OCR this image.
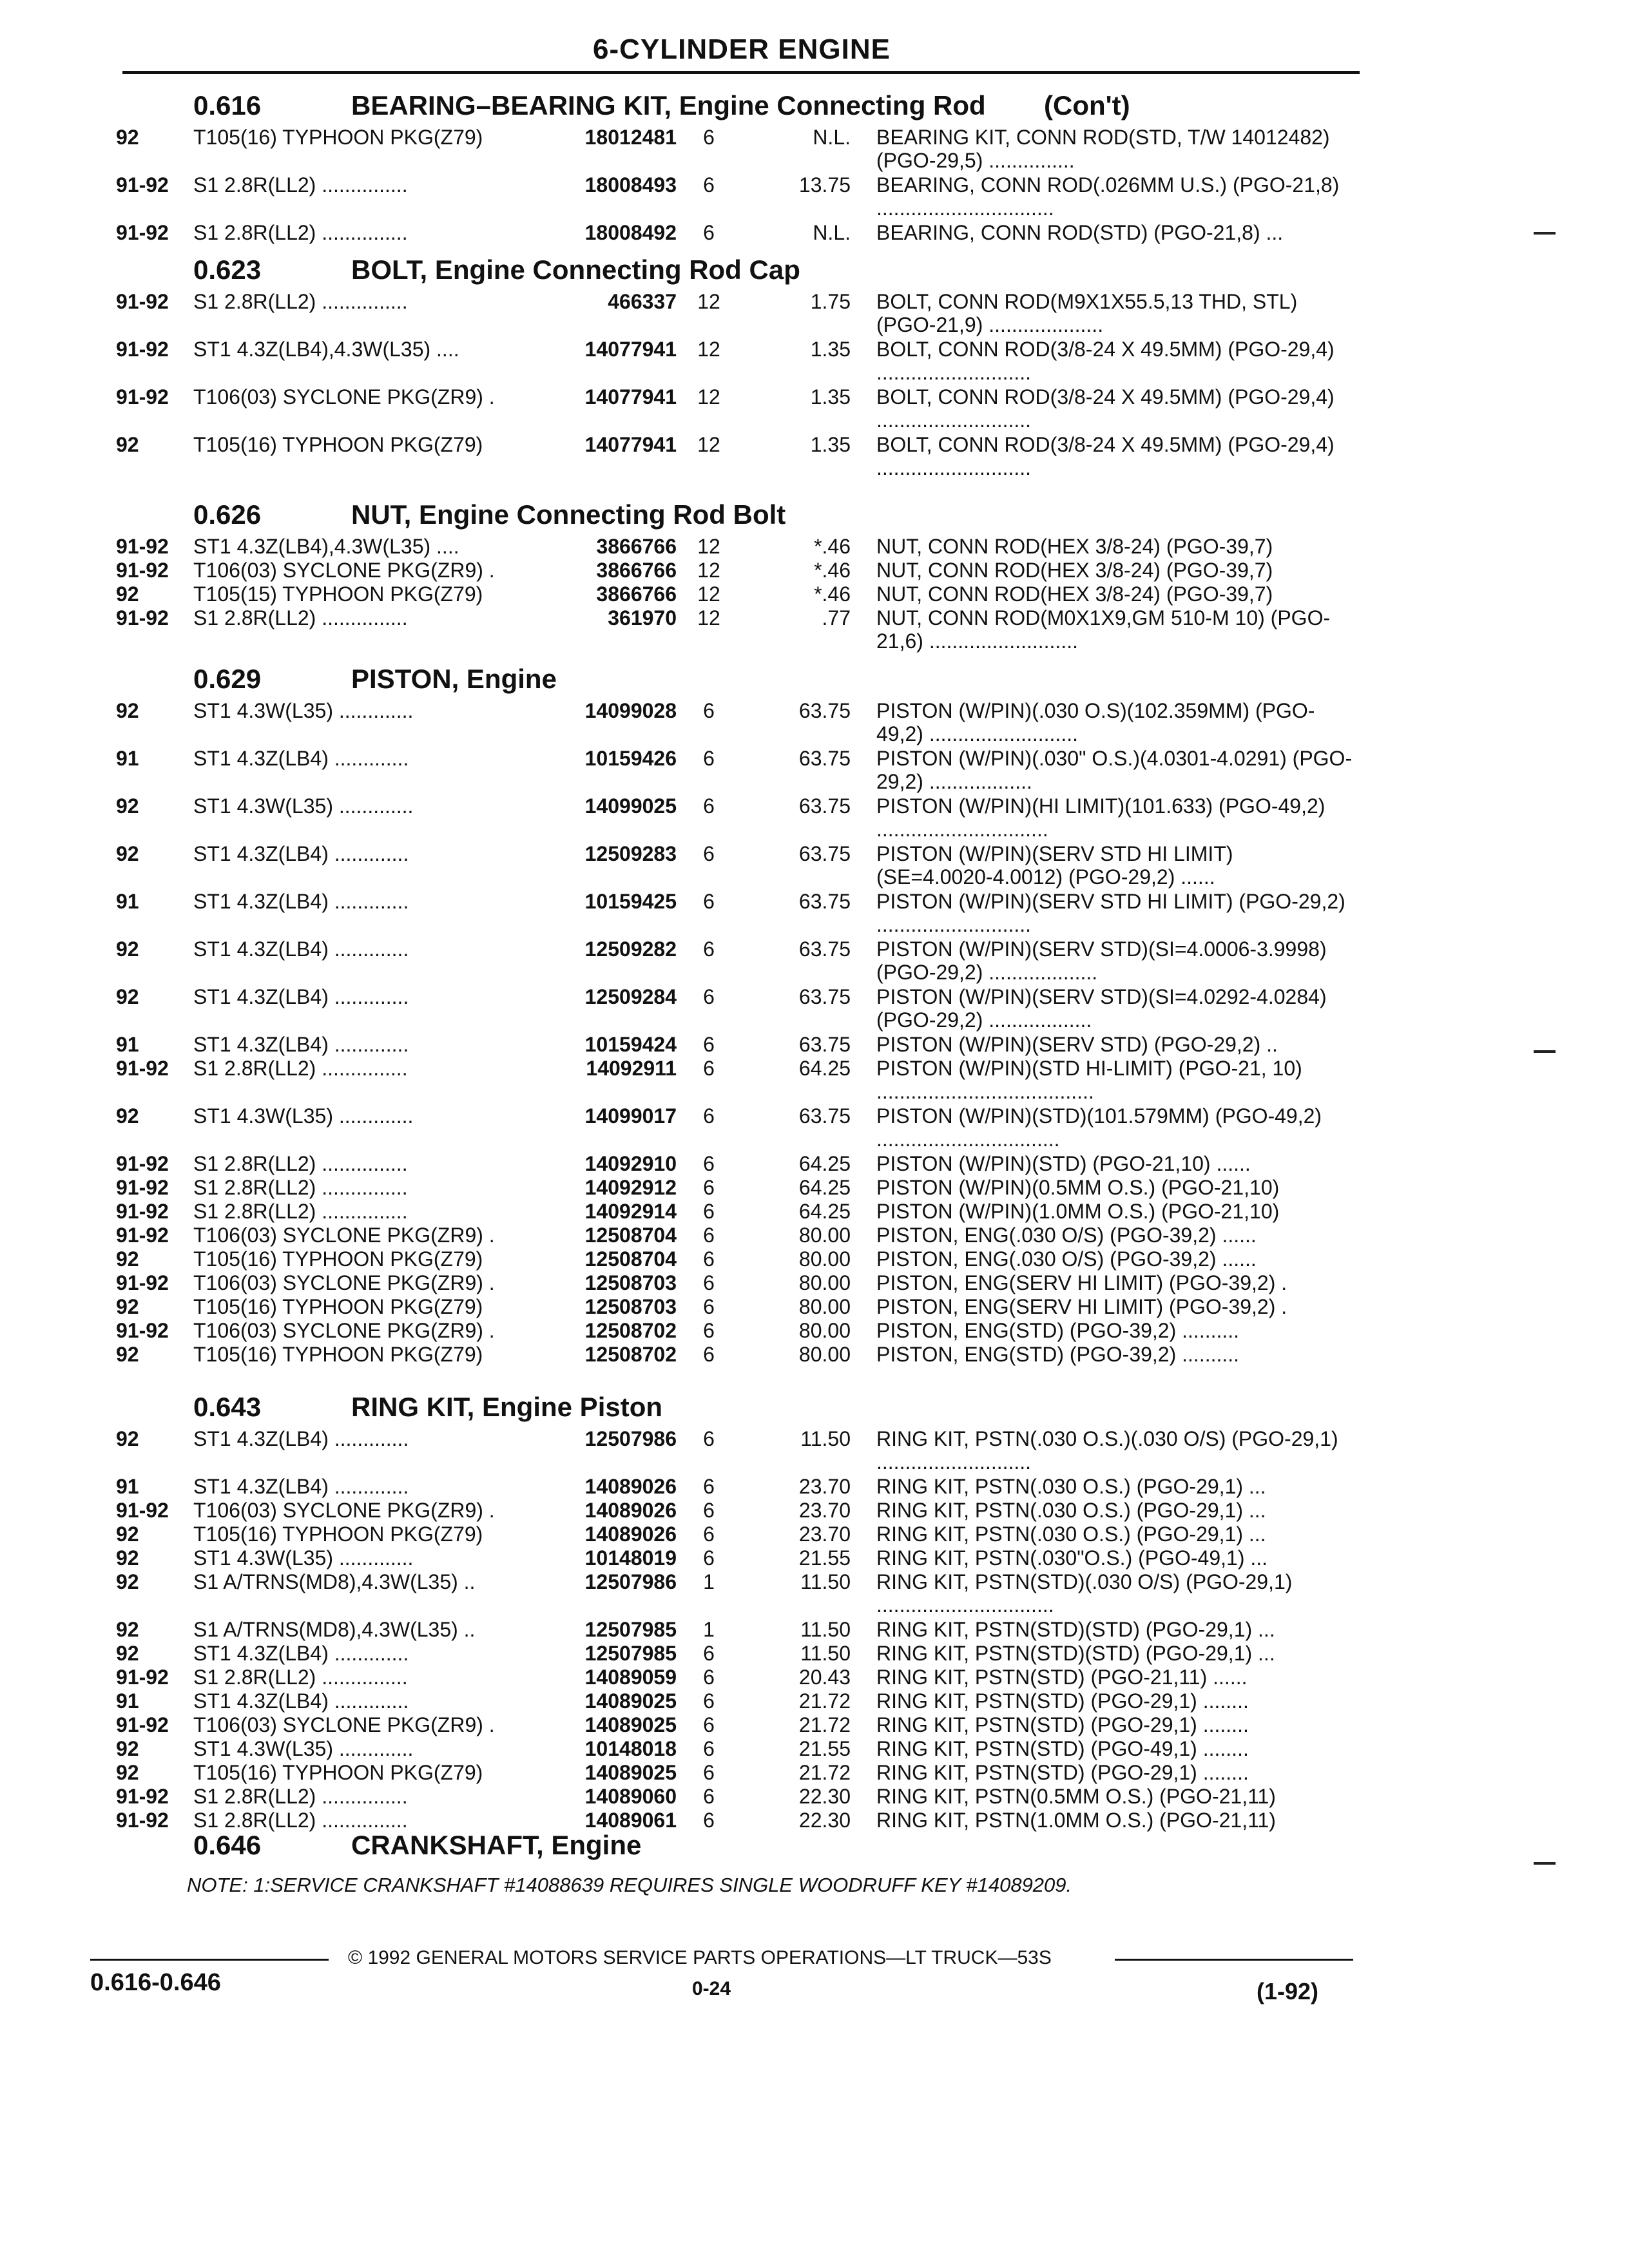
6-CYLINDER ENGINE
0.616	BEARING–BEARING KIT, Engine Connecting Rod (Con't)
92	T105(16) TYPHOON PKG(Z79)	18012481	6	N.L. BEARING KIT, CONN ROD(STD, T/W 14012482) (PGO-29,5) ...............
91-92 S1 2.8R(LL2) ...............	18008493	6	13.75 BEARING, CONN ROD(.026MM U.S.) (PGO-21,8) ...............................
91-92 S1 2.8R(LL2) ...............	18008492	6	N.L. BEARING, CONN ROD(STD) (PGO-21,8) ...
0.623	BOLT, Engine Connecting Rod Cap
91-92 S1 2.8R(LL2) ...............	466337 12	1.75 BOLT, CONN ROD(M9X1X55.5,13 THD, STL) (PGO-21,9) ....................
91-92 ST1 4.3Z(LB4),4.3W(L35) ....	14077941 12	1.35 BOLT, CONN ROD(3/8-24 X 49.5MM) (PGO-29,4) ...........................
91-92 T106(03) SYCLONE PKG(ZR9) .	14077941 12	1.35 BOLT, CONN ROD(3/8-24 X 49.5MM) (PGO-29,4) ...........................
92	T105(16) TYPHOON PKG(Z79)	14077941 12	1.35 BOLT, CONN ROD(3/8-24 X 49.5MM) (PGO-29,4) ...........................
0.626	NUT, Engine Connecting Rod Bolt
91-92 ST1 4.3Z(LB4),4.3W(L35) ....	3866766 12	*.46 NUT, CONN ROD(HEX 3/8-24) (PGO-39,7)
91-92 T106(03) SYCLONE PKG(ZR9) .	3866766 12	*.46 NUT, CONN ROD(HEX 3/8-24) (PGO-39,7)
92	T105(15) TYPHOON PKG(Z79)	3866766 12	*.46 NUT, CONN ROD(HEX 3/8-24) (PGO-39,7)
91-92 S1 2.8R(LL2) ...............	361970 12	.77 NUT, CONN ROD(M0X1X9,GM 510-M 10) (PGO-21,6) ..........................
0.629	PISTON, Engine
92	ST1 4.3W(L35) .............	14099028	6	63.75 PISTON (W/PIN)(.030 O.S)(102.359MM) (PGO-49,2) ..........................
91	ST1 4.3Z(LB4) .............	10159426	6	63.75 PISTON (W/PIN)(.030" O.S.)(4.0301-4.0291) (PGO-29,2) ..................
92	ST1 4.3W(L35) .............	14099025	6	63.75 PISTON (W/PIN)(HI LIMIT)(101.633) (PGO-49,2) ..............................
92	ST1 4.3Z(LB4) .............	12509283	6	63.75 PISTON (W/PIN)(SERV STD HI LIMIT) (SE=4.0020-4.0012) (PGO-29,2) ......
91	ST1 4.3Z(LB4) .............	10159425	6	63.75 PISTON (W/PIN)(SERV STD HI LIMIT) (PGO-29,2) ...........................
92	ST1 4.3Z(LB4) .............	12509282	6	63.75 PISTON (W/PIN)(SERV STD)(SI=4.0006-3.9998) (PGO-29,2) ...................
92	ST1 4.3Z(LB4) .............	12509284	6	63.75 PISTON (W/PIN)(SERV STD)(SI=4.0292-4.0284) (PGO-29,2) ..................
91	ST1 4.3Z(LB4) .............	10159424	6	63.75 PISTON (W/PIN)(SERV STD) (PGO-29,2) ..
91-92 S1 2.8R(LL2) ...............	14092911	6	64.25 PISTON (W/PIN)(STD HI-LIMIT) (PGO-21, 10) ......................................
92	ST1 4.3W(L35) .............	14099017	6	63.75 PISTON (W/PIN)(STD)(101.579MM) (PGO-49,2) ................................
91-92 S1 2.8R(LL2) ...............	14092910	6	64.25 PISTON (W/PIN)(STD) (PGO-21,10) ......
91-92 S1 2.8R(LL2) ...............	14092912	6	64.25 PISTON (W/PIN)(0.5MM O.S.) (PGO-21,10)
91-92 S1 2.8R(LL2) ...............	14092914	6	64.25 PISTON (W/PIN)(1.0MM O.S.) (PGO-21,10)
91-92 T106(03) SYCLONE PKG(ZR9) .	12508704	6	80.00 PISTON, ENG(.030 O/S) (PGO-39,2) ......
92	T105(16) TYPHOON PKG(Z79)	12508704	6	80.00 PISTON, ENG(.030 O/S) (PGO-39,2) ......
91-92 T106(03) SYCLONE PKG(ZR9) .	12508703	6	80.00 PISTON, ENG(SERV HI LIMIT) (PGO-39,2) .
92	T105(16) TYPHOON PKG(Z79)	12508703	6	80.00 PISTON, ENG(SERV HI LIMIT) (PGO-39,2) .
91-92 T106(03) SYCLONE PKG(ZR9) .	12508702	6	80.00 PISTON, ENG(STD) (PGO-39,2) ..........
92	T105(16) TYPHOON PKG(Z79)	12508702	6	80.00 PISTON, ENG(STD) (PGO-39,2) ..........
0.643	RING KIT, Engine Piston
92	ST1 4.3Z(LB4) .............	12507986	6	11.50 RING KIT, PSTN(.030 O.S.)(.030 O/S) (PGO-29,1) ...........................
91	ST1 4.3Z(LB4) .............	14089026	6	23.70 RING KIT, PSTN(.030 O.S.) (PGO-29,1) ...
91-92 T106(03) SYCLONE PKG(ZR9) .	14089026	6	23.70 RING KIT, PSTN(.030 O.S.) (PGO-29,1) ...
92	T105(16) TYPHOON PKG(Z79)	14089026	6	23.70 RING KIT, PSTN(.030 O.S.) (PGO-29,1) ...
92	ST1 4.3W(L35) .............	10148019	6	21.55 RING KIT, PSTN(.030"O.S.) (PGO-49,1) ...
92	S1 A/TRNS(MD8),4.3W(L35) ..	12507986	1	11.50 RING KIT, PSTN(STD)(.030 O/S) (PGO-29,1) ...............................
92	S1 A/TRNS(MD8),4.3W(L35) ..	12507985	1	11.50 RING KIT, PSTN(STD)(STD) (PGO-29,1) ...
92	ST1 4.3Z(LB4) .............	12507985	6	11.50 RING KIT, PSTN(STD)(STD) (PGO-29,1) ...
91-92 S1 2.8R(LL2) ...............	14089059	6	20.43 RING KIT, PSTN(STD) (PGO-21,11) ......
91	ST1 4.3Z(LB4) .............	14089025	6	21.72 RING KIT, PSTN(STD) (PGO-29,1) ........
91-92 T106(03) SYCLONE PKG(ZR9) .	14089025	6	21.72 RING KIT, PSTN(STD) (PGO-29,1) ........
92	ST1 4.3W(L35) .............	10148018	6	21.55 RING KIT, PSTN(STD) (PGO-49,1) ........
92	T105(16) TYPHOON PKG(Z79)	14089025	6	21.72 RING KIT, PSTN(STD) (PGO-29,1) ........
91-92 S1 2.8R(LL2) ...............	14089060	6	22.30 RING KIT, PSTN(0.5MM O.S.) (PGO-21,11)
91-92 S1 2.8R(LL2) ...............	14089061	6	22.30 RING KIT, PSTN(1.0MM O.S.) (PGO-21,11)
0.646	CRANKSHAFT, Engine
NOTE: 1:SERVICE CRANKSHAFT #14088639 REQUIRES SINGLE WOODRUFF KEY #14089209.
© 1992 GENERAL MOTORS SERVICE PARTS OPERATIONS—LT TRUCK—53S
0.616-0.646	0-24	(1-92)
